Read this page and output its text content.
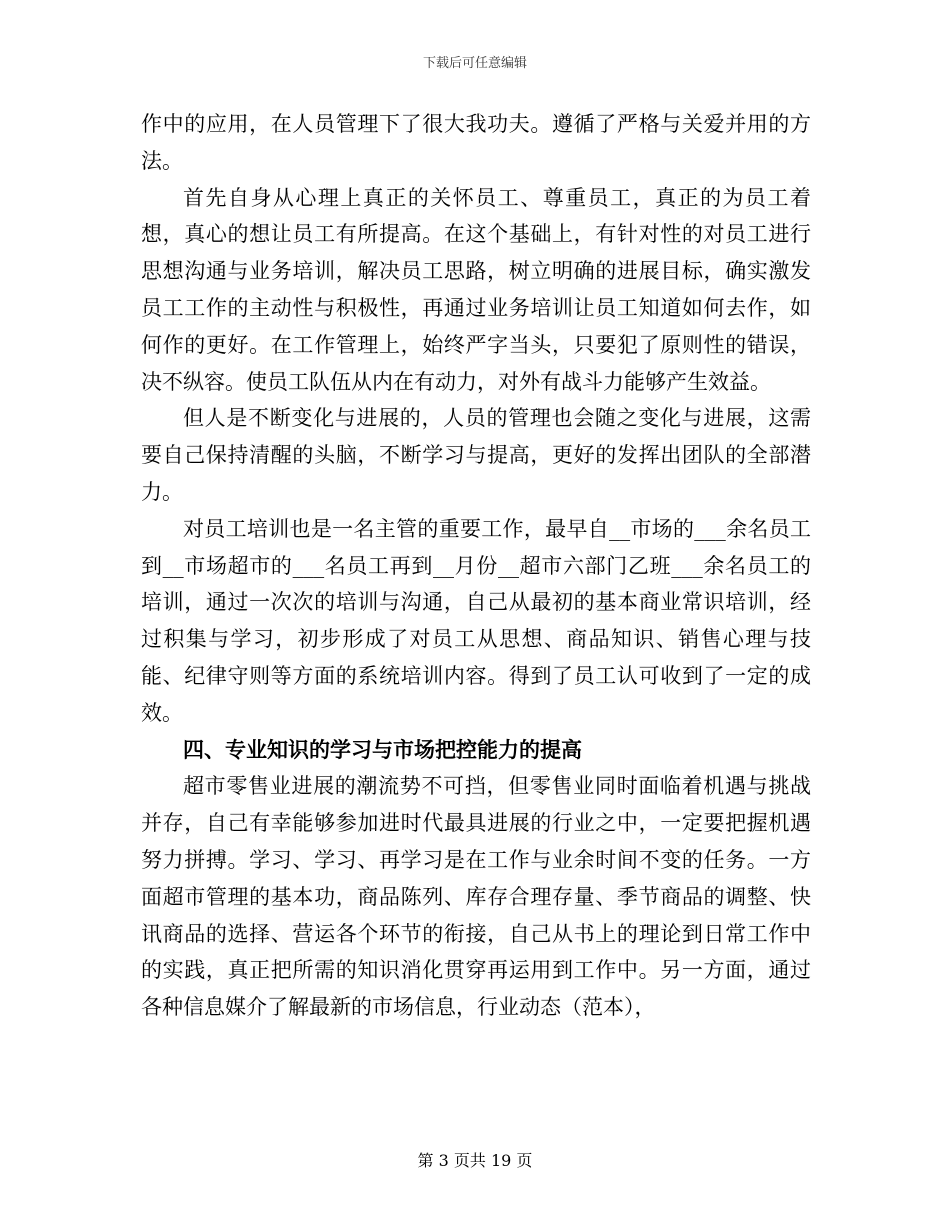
下载后可任意编辑

作中的应用，在人员管理下了很大我功夫。遵循了严格与关爱并用的方法。

首先自身从心理上真正的关怀员工、尊重员工，真正的为员工着想，真心的想让员工有所提高。在这个基础上，有针对性的对员工进行思想沟通与业务培训，解决员工思路，树立明确的进展目标，确实激发员工工作的主动性与积极性，再通过业务培训让员工知道如何去作，如何作的更好。在工作管理上，始终严字当头，只要犯了原则性的错误，决不纵容。使员工队伍从内在有动力，对外有战斗力能够产生效益。

但人是不断变化与进展的，人员的管理也会随之变化与进展，这需要自己保持清醒的头脑，不断学习与提高，更好的发挥出团队的全部潜力。

对员工培训也是一名主管的重要工作，最早自__市场的___余名员工到__市场超市的___名员工再到__月份__超市六部门乙班___余名员工的培训，通过一次次的培训与沟通，自己从最初的基本商业常识培训，经过积集与学习，初步形成了对员工从思想、商品知识、销售心理与技能、纪律守则等方面的系统培训内容。得到了员工认可收到了一定的成效。

四、专业知识的学习与市场把控能力的提高

超市零售业进展的潮流势不可挡，但零售业同时面临着机遇与挑战并存，自己有幸能够参加进时代最具进展的行业之中，一定要把握机遇努力拼搏。学习、学习、再学习是在工作与业余时间不变的任务。一方面超市管理的基本功，商品陈列、库存合理存量、季节商品的调整、快讯商品的选择、营运各个环节的衔接，自己从书上的理论到日常工作中的实践，真正把所需的知识消化贯穿再运用到工作中。另一方面，通过各种信息媒介了解最新的市场信息，行业动态（范本），

第 3 页共 19 页
